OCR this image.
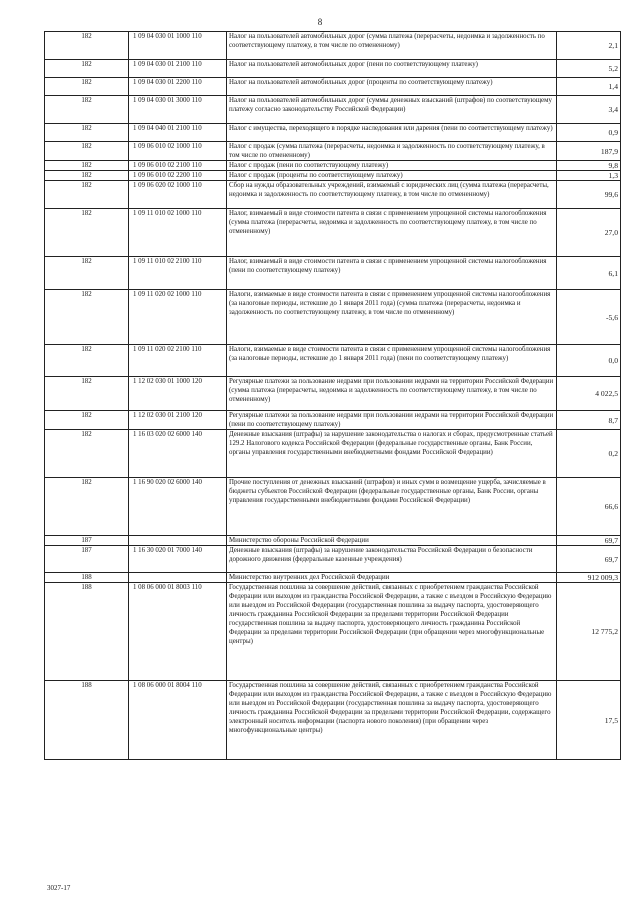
8
182	1 09 04 030 01 1000 110	Налог на пользователей автомобильных дорог (сумма платежа (перерасчеты, недоимка и задолженность по соответствующему платежу, в том числе по отмененному)	2,1
182	1 09 04 030 01 2100 110	Налог на пользователей автомобильных дорог (пени по соответствующему платежу)	5,2
182	1 09 04 030 01 2200 110	Налог на пользователей автомобильных дорог (проценты по соответствующему платежу)	1,4
182	1 09 04 030 01 3000 110	Налог на пользователей автомобильных дорог (суммы денежных взысканий (штрафов) по соответствующему платежу согласно законодательству Российской Федерации)	3,4
182	1 09 04 040 01 2100 110	Налог с имущества, переходящего в порядке наследования или дарения (пени по соответствующему платежу)	0,9
182	1 09 06 010 02 1000 110	Налог с продаж (сумма платежа (перерасчеты, недоимка и задолженность по соответствующему платежу, в том числе по отмененному)	187,9
182	1 09 06 010 02 2100 110	Налог с продаж (пени по соответствующему платежу)	9,8
182	1 09 06 010 02 2200 110	Налог с продаж (проценты по соответствующему платежу)	1,3
182	1 09 06 020 02 1000 110	Сбор на нужды образовательных учреждений, взимаемый с юридических лиц (сумма платежа (перерасчеты, недоимка и задолженность по соответствующему платежу, в том числе по отмененному)	99,6
182	1 09 11 010 02 1000 110	Налог, взимаемый в виде стоимости патента в связи с применением упрощенной системы налогообложения (сумма платежа (перерасчеты, недоимка и задолженность по соответствующему платежу, в том числе по отмененному)	27,0
182	1 09 11 010 02 2100 110	Налог, взимаемый в виде стоимости патента в связи с применением упрощенной системы налогообложения (пени по соответствующему платежу)	6,1
182	1 09 11 020 02 1000 110	Налоги, взимаемые в виде стоимости патента в связи с применением упрощенной системы налогообложения (за налоговые периоды, истекшие до 1 января 2011 года) (сумма платежа (перерасчеты, недоимка и задолженность по соответствующему платежу, в том числе по отмененному)	-5,6
182	1 09 11 020 02 2100 110	Налоги, взимаемые в виде стоимости патента в связи с применением упрощенной системы налогообложения (за налоговые периоды, истекшие до 1 января 2011 года) (пени по соответствующему платежу)	0,0
182	1 12 02 030 01 1000 120	Регулярные платежи за пользование недрами при пользовании недрами на территории Российской Федерации (сумма платежа (перерасчеты, недоимка и задолженность по соответствующему платежу, в том числе по отмененному)	4 022,5
182	1 12 02 030 01 2100 120	Регулярные платежи за пользование недрами при пользовании недрами на территории Российской Федерации (пени по соответствующему платежу)	8,7
182	1 16 03 020 02 6000 140	Денежные взыскания (штрафы) за нарушение законодательства о налогах и сборах, предусмотренные статьей 129.2 Налогового кодекса Российской Федерации (федеральные государственные органы, Банк России, органы управления государственными внебюджетными фондами Российской Федерации)	0,2
182	1 16 90 020 02 6000 140	Прочие поступления от денежных взысканий (штрафов) и иных сумм в возмещение ущерба, зачисляемые в бюджеты субъектов Российской Федерации (федеральные государственные органы, Банк России, органы управления государственными внебюджетными фондами Российской Федерации)	66,6
187		Министерство обороны Российской Федерации	69,7
187	1 16 30 020 01 7000 140	Денежные взыскания (штрафы) за нарушение законодательства Российской Федерации о безопасности дорожного движения (федеральные казенные учреждения)	69,7
188		Министерство внутренних дел Российской Федерации	912 009,3
188	1 08 06 000 01 8003 110	Государственная пошлина за совершение действий, связанных с приобретением гражданства Российской Федерации или выходом из гражданства Российской Федерации, а также с въездом в Российскую Федерацию или выездом из Российской Федерации (государственная пошлина за выдачу паспорта, удостоверяющего личность гражданина Российской Федерации за пределами территории Российской Федерации государственная пошлина за выдачу паспорта, удостоверяющего личность гражданина Российской Федерации за пределами территории Российской Федерации (при обращении через многофункциональные центры)	12 775,2
188	1 08 06 000 01 8004 110	Государственная пошлина за совершение действий, связанных с приобретением гражданства Российской Федерации или выходом из гражданства Российской Федерации, а также с въездом в Российскую Федерацию или выездом из Российской Федерации (государственная пошлина за выдачу паспорта, удостоверяющего личность гражданина Российской Федерации за пределами территории Российской Федерации, содержащего электронный носитель информации (паспорта нового поколения) (при обращении через многофункциональные центры)	17,5
3027-17
